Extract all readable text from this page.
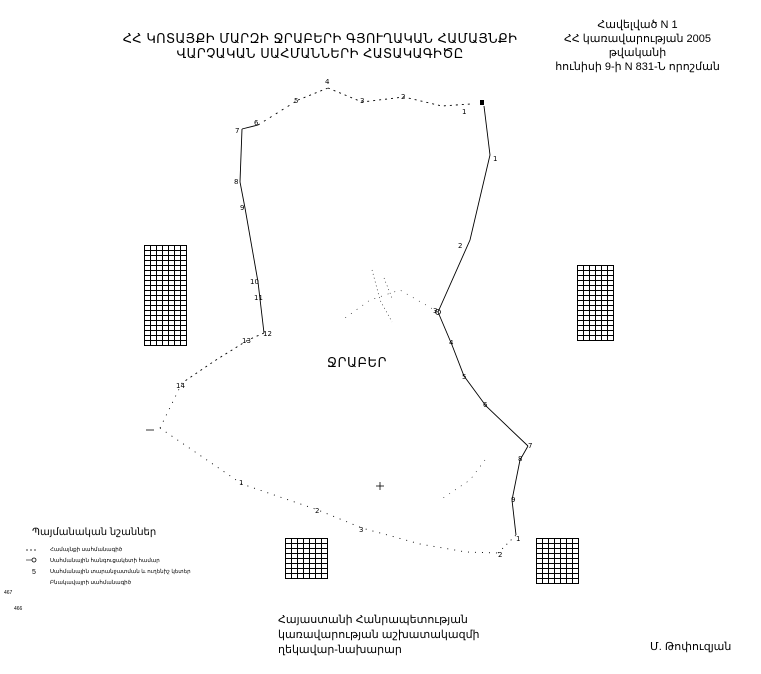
ՀՀ ԿՈՏԱՅՔԻ ՄԱՐԶԻ ՋՐԱԲԵՐԻ ԳՅՈՒՂԱԿԱՆ ՀԱՄԱՅՆՔԻ
ՎԱՐՉԱԿԱՆ ՍԱՀՄԱՆՆԵՐԻ ՀԱՏԱԿԱԳԻԾԸ
Հավելված N 1
ՀՀ կառավարության 2005 թվականի
հունիսի 9-ի N 831-Ն որոշման
4
5	3	2
1
6
7
8
9
10
11
12
13
14
1
2
3
1
2
3
4
5
6
7
8
9
1
2
ՋՐԱԲԵՐ

Պայմանական նշաններ
Համայնքի սահմանագիծ
Սահմանային հանգուցակետի համար
5	Սահմանային տարանջատման և ուղենիշ կետեր
Բնակավայրի սահմանագիծ
467
466
Հայաստանի Հանրապետության
կառավարության աշխատակազմի
ղեկավար-նախարար	Մ. Թոփուզյան
